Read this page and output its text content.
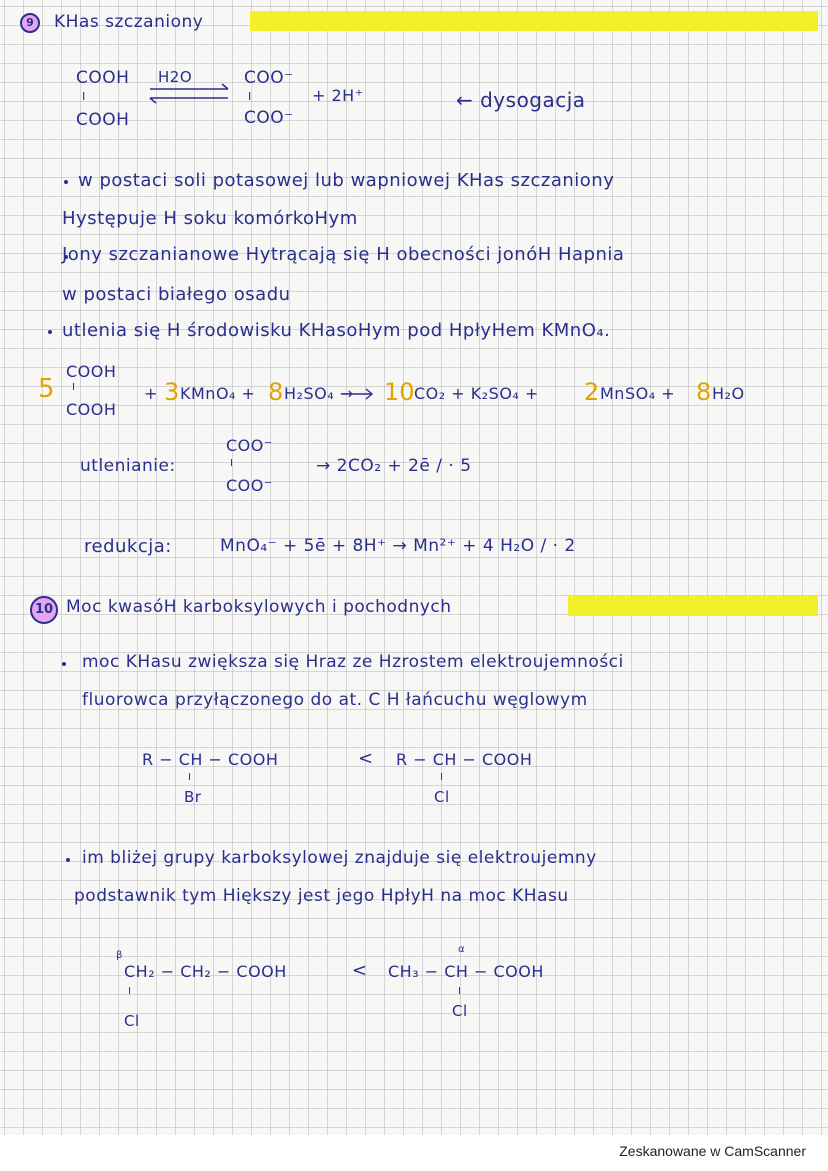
9	KHas szczaniony
COOH
I
COOH
H2O	COO⁻
I
COO⁻
+ 2H⁺	← dysogacja
w postaci soli potasowej lub wapniowej KHas szczaniony
Hystępuje H soku komórkoHym
Jony szczanianowe Hytrącają się H obecności jonóH Hapnia
w postaci białego osadu
utlenia się H środowisku KHasoHym pod HpłyHem KMnO₄.
5
COOH
I
COOH
+ 3 KMnO₄ + 8 H₂SO₄ → 10 CO₂ + K₂SO₄ + 2 MnSO₄ + 8 H₂O
utlenianie:
COO⁻
I
COO⁻
→ 2CO₂ + 2ē / · 5
redukcja:	MnO₄⁻ + 5ē + 8H⁺ → Mn²⁺ + 4 H₂O / · 2
10 Moc kwasóH karboksylowych i pochodnych
moc KHasu zwiększa się Hraz ze Hzrostem elektroujemności
fluorowca przyłączonego do at. C H łańcuchu węglowym
R − CH − COOH
I
Br
< R − CH − COOH
I
Cl
im bliżej grupy karboksylowej znajduje się elektroujemny
podstawnik tym Hiększy jest jego HpłyH na moc KHasu
β
CH₂ − CH₂ − COOH
I
Cl
<
α
CH₃ − CH − COOH
I
Cl
Zeskanowane w CamScanner
